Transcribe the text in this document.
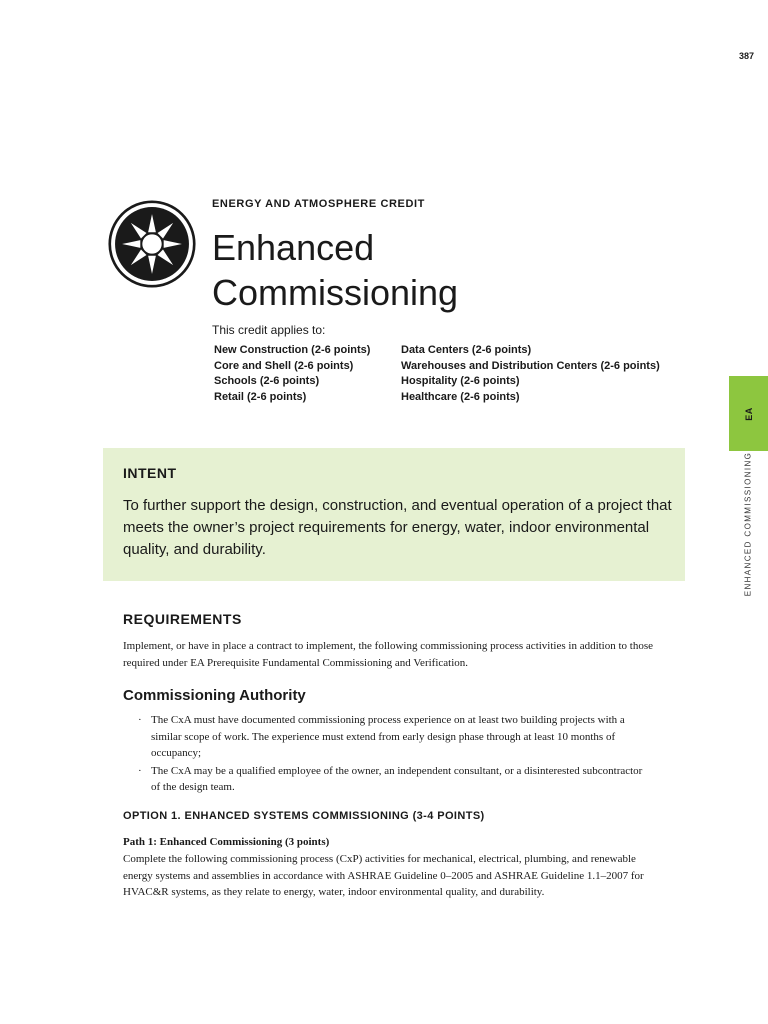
387
ENERGY AND ATMOSPHERE CREDIT
Enhanced
Commissioning
This credit applies to:
New Construction (2-6 points)
Core and Shell (2-6 points)
Schools (2-6 points)
Retail (2-6 points)
Data Centers (2-6 points)
Warehouses and Distribution Centers (2-6 points)
Hospitality (2-6 points)
Healthcare (2-6 points)
EA
ENHANCED COMMISSIONING
INTENT
To further support the design, construction, and eventual operation of a project that meets the owner’s project requirements for energy, water, indoor environmental quality, and durability.
REQUIREMENTS
Implement, or have in place a contract to implement, the following commissioning process activities in addition to those required under EA Prerequisite Fundamental Commissioning and Verification.
Commissioning Authority
· The CxA must have documented commissioning process experience on at least two building projects with a similar scope of work. The experience must extend from early design phase through at least 10 months of occupancy;
· The CxA may be a qualified employee of the owner, an independent consultant, or a disinterested subcontractor of the design team.
OPTION 1. ENHANCED SYSTEMS COMMISSIONING (3-4 POINTS)
Path 1: Enhanced Commissioning (3 points)
Complete the following commissioning process (CxP) activities for mechanical, electrical, plumbing, and renewable energy systems and assemblies in accordance with ASHRAE Guideline 0–2005 and ASHRAE Guideline 1.1–2007 for HVAC&R systems, as they relate to energy, water, indoor environmental quality, and durability.
